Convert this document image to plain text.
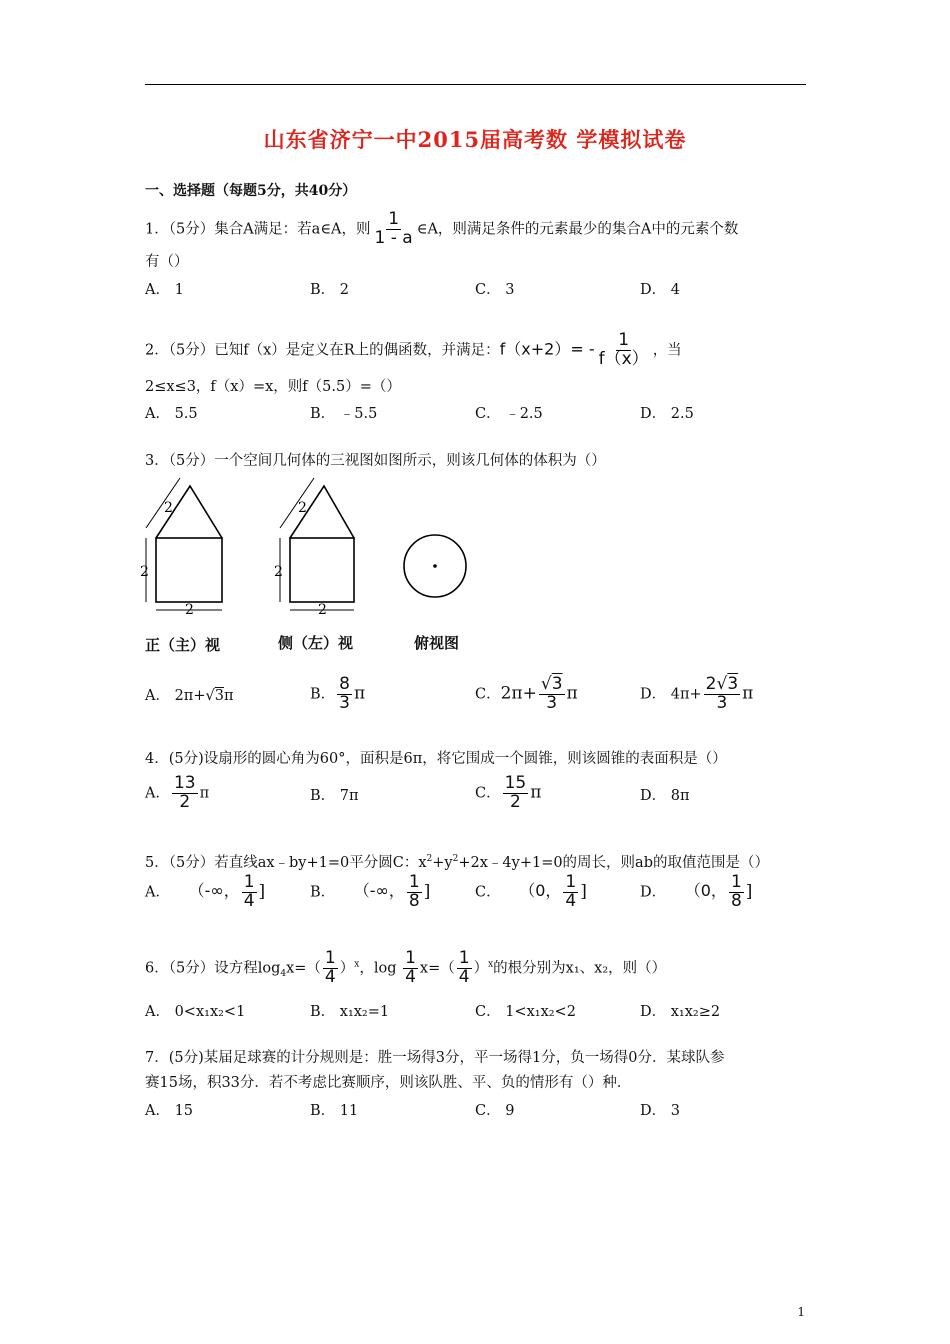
山东省济宁一中2015届高考数 学模拟试卷
一、选择题（每题5分，共40分）
1．（5分）集合A满足：若a∈A，则 $\frac{1}{1 - a}$ ∈A，则满足条件的元素最少的集合A中的元素个数
有（）
A． 1	B． 2	C． 3	D． 4
2．（5分）已知f（x）是定义在R上的偶函数，并满足：$f(x+2)= - \frac{1}{f(x)}$ ，当
2≤x≤3，f（x）=x，则f（5.5）=（）
A． 5.5	B． ﹣5.5	C． ﹣2.5	D． 2.5
3．（5分）一个空间几何体的三视图如图所示，则该几何体的体积为（）
2
2
2
2
2
2
正（主）视	侧（左）视	俯视图
A． 2π+√3π	B． $\frac{8}{3}$ π	C．$2\pi+ \frac{√3}{3}$ π	D． $4\pi+ \frac{2√3}{3}$ π
4．(5分)设扇形的圆心角为60°，面积是6π，将它围成一个圆锥，则该圆锥的表面积是（）
A． $\frac{13}{2}$ π	B． 7π	C． $\frac{15}{2}$ π	D． 8π
5．（5分）若直线ax﹣by+1=0平分圆C：$x^2+y^2+2x﹣4y+1=0$的周长，则ab的取值范围是（）
A． （-∞， $\frac{1}{4}$ ]	B． （-∞， $\frac{1}{8}$ ]	C． （0， $\frac{1}{4}$ ]	D． （0， $\frac{1}{8}$ ]
6．（5分）设方程$\log_4x=( \frac{1}{4} )^x$，$\log \frac{1}{4} x=( \frac{1}{4} )^x$的根分别为x₁、x₂，则（）
A． 0<x₁x₂<1	B． x₁x₂=1	C． 1<x₁x₂<2	D． x₁x₂≥2
7．(5分)某届足球赛的计分规则是：胜一场得3分，平一场得1分，负一场得0分．某球队参
赛15场，积33分．若不考虑比赛顺序，则该队胜、平、负的情形有（）种．
A． 15	B． 11	C． 9	D． 3
1
